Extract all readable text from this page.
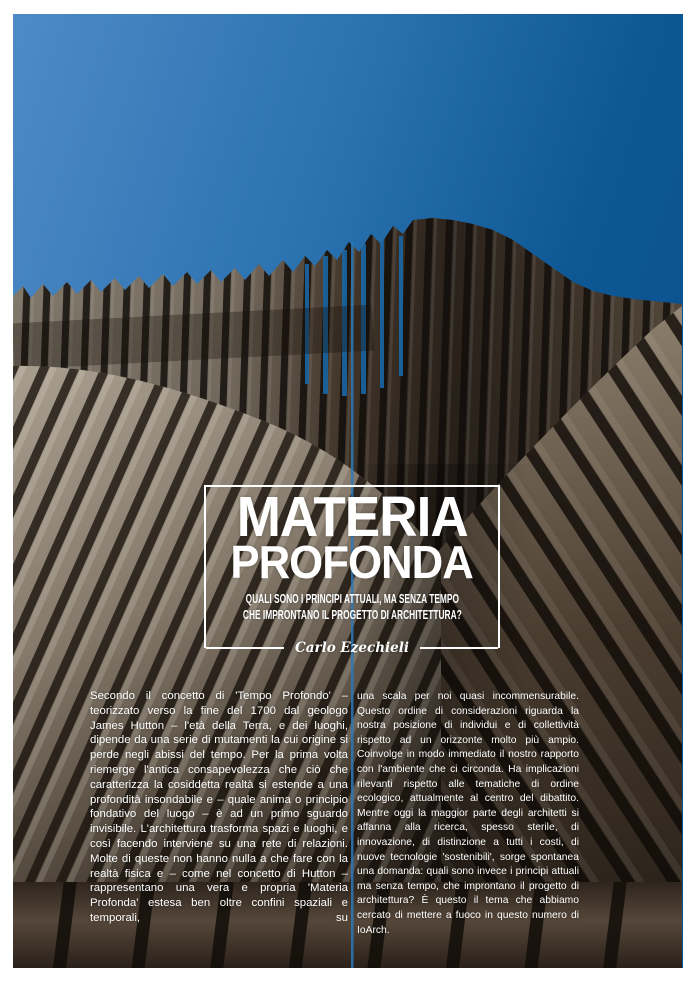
MATERIA
PROFONDA
QUALI SONO I PRINCIPI ATTUALI, MA SENZA TEMPO
CHE IMPRONTANO IL PROGETTO DI ARCHITETTURA?
Carlo Ezechieli
Secondo il concetto di 'Tempo Profondo' – teorizzato verso la fine del 1700 dal geologo James Hutton – l'età della Terra, e dei luoghi, dipende da una serie di mutamenti la cui origine si perde negli abissi del tempo. Per la prima volta riemerge l'antica consapevolezza che ciò che caratterizza la cosiddetta realtà si estende a una profondità insondabile e – quale anima o principio fondativo del luogo – è ad un primo sguardo invisibile. L'architettura trasforma spazi e luoghi, e così facendo interviene su una rete di relazioni. Molte di queste non hanno nulla a che fare con la realtà fisica e – come nel concetto di Hutton – rappresentano una vera e propria 'Materia Profonda' estesa ben oltre confini spaziali e temporali, su
una scala per noi quasi incommensurabile. Questo ordine di considerazioni riguarda la nostra posizione di individui e di collettività rispetto ad un orizzonte molto più ampio. Coinvolge in modo immediato il nostro rapporto con l'ambiente che ci circonda. Ha implicazioni rilevanti rispetto alle tematiche di ordine ecologico, attualmente al centro del dibattito. Mentre oggi la maggior parte degli architetti si affanna alla ricerca, spesso sterile, di innovazione, di distinzione a tutti i costi, di nuove tecnologie 'sostenibili', sorge spontanea una domanda: quali sono invece i principi attuali ma senza tempo, che improntano il progetto di architettura? È questo il tema che abbiamo cercato di mettere a fuoco in questo numero di IoArch.
